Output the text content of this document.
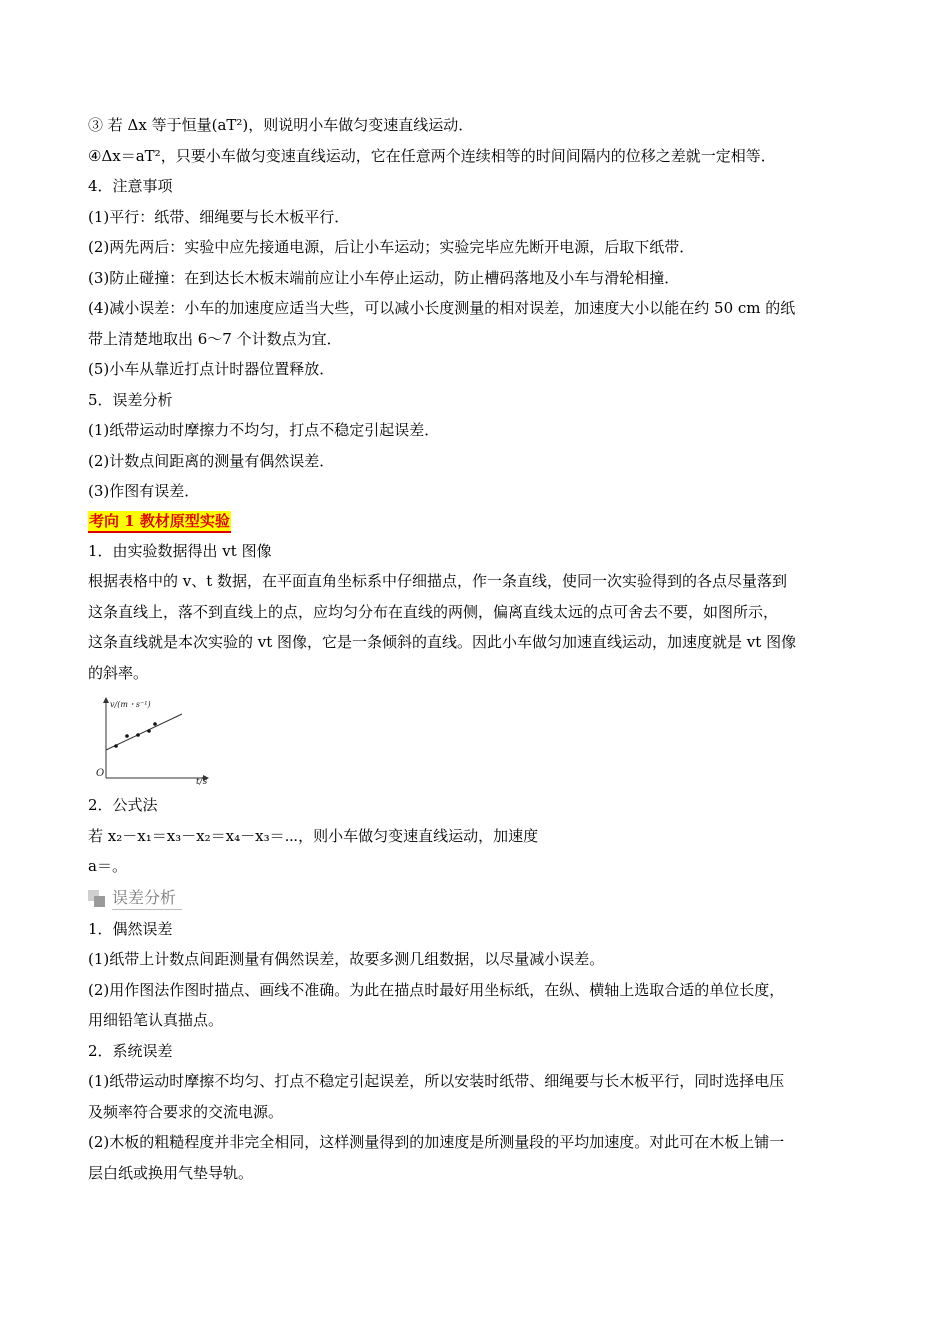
③ 若 Δx 等于恒量(aT²)，则说明小车做匀变速直线运动．
④Δx＝aT²，只要小车做匀变速直线运动，它在任意两个连续相等的时间间隔内的位移之差就一定相等．
4．注意事项
(1)平行：纸带、细绳要与长木板平行．
(2)两先两后：实验中应先接通电源，后让小车运动；实验完毕应先断开电源，后取下纸带．
(3)防止碰撞：在到达长木板末端前应让小车停止运动，防止槽码落地及小车与滑轮相撞．
(4)减小误差：小车的加速度应适当大些，可以减小长度测量的相对误差，加速度大小以能在约 50 cm 的纸
带上清楚地取出 6～7 个计数点为宜．
(5)小车从靠近打点计时器位置释放．
5．误差分析
(1)纸带运动时摩擦力不均匀，打点不稳定引起误差．
(2)计数点间距离的测量有偶然误差．
(3)作图有误差．
考向 1 教材原型实验
1．由实验数据得出 vt 图像
根据表格中的 v、t 数据，在平面直角坐标系中仔细描点，作一条直线，使同一次实验得到的各点尽量落到
这条直线上，落不到直线上的点，应均匀分布在直线的两侧，偏离直线太远的点可舍去不要，如图所示，
这条直线就是本次实验的 vt 图像，它是一条倾斜的直线。因此小车做匀加速直线运动，加速度就是 vt 图像
的斜率。
v/(m・s⁻¹)
t/s
O
2．公式法
若 x₂－x₁＝x₃－x₂＝x₄－x₃＝⋯，则小车做匀变速直线运动，加速度
a＝。
误差分析
1．偶然误差
(1)纸带上计数点间距测量有偶然误差，故要多测几组数据，以尽量减小误差。
(2)用作图法作图时描点、画线不准确。为此在描点时最好用坐标纸，在纵、横轴上选取合适的单位长度，
用细铅笔认真描点。
2．系统误差
(1)纸带运动时摩擦不均匀、打点不稳定引起误差，所以安装时纸带、细绳要与长木板平行，同时选择电压
及频率符合要求的交流电源。
(2)木板的粗糙程度并非完全相同，这样测量得到的加速度是所测量段的平均加速度。对此可在木板上铺一
层白纸或换用气垫导轨。
